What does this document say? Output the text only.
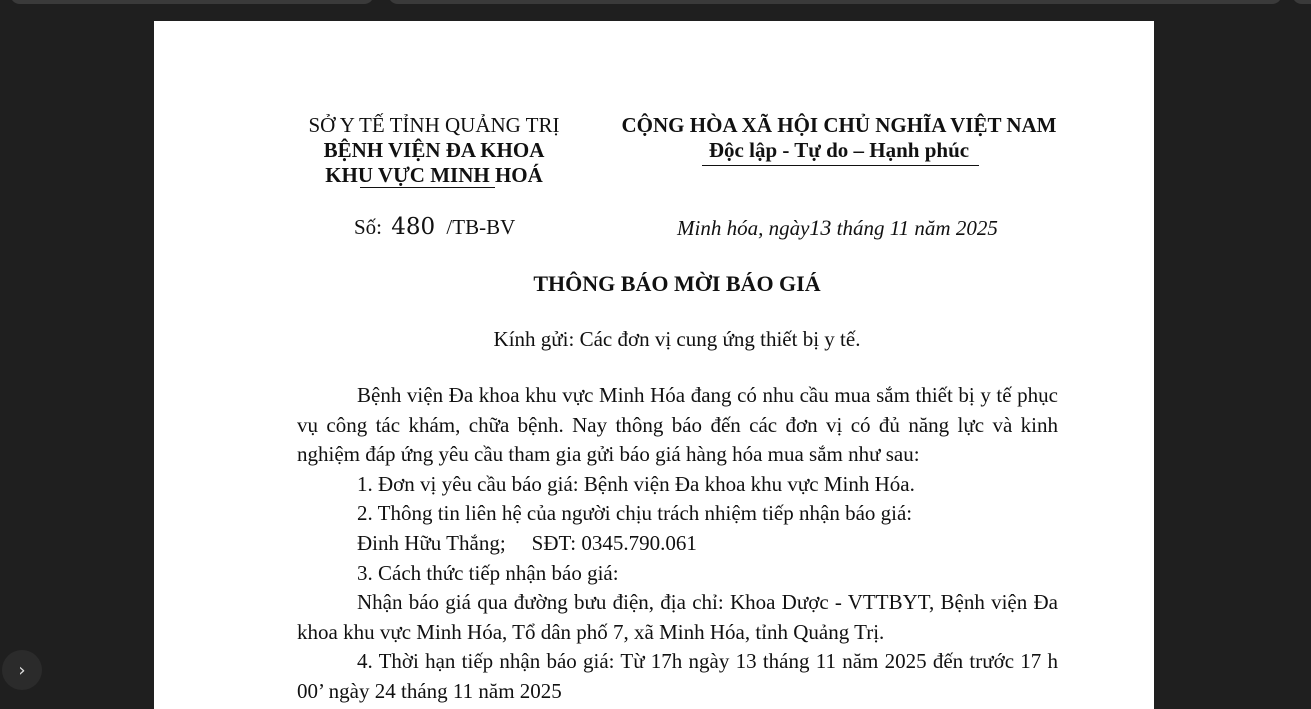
SỞ Y TẾ TỈNH QUẢNG TRỊ
BỆNH VIỆN ĐA KHOA
KHU VỰC MINH HOÁ
CỘNG HÒA XÃ HỘI CHỦ NGHĨA VIỆT NAM
Độc lập - Tự do – Hạnh phúc
Số: 480 /TB-BV	Minh hóa, ngày13 tháng 11 năm 2025
THÔNG BÁO MỜI BÁO GIÁ
Kính gửi: Các đơn vị cung ứng thiết bị y tế.

Bệnh viện Đa khoa khu vực Minh Hóa đang có nhu cầu mua sắm thiết bị y tế phục vụ công tác khám, chữa bệnh. Nay thông báo đến các đơn vị có đủ năng lực và kinh nghiệm đáp ứng yêu cầu tham gia gửi báo giá hàng hóa mua sắm như sau:

1. Đơn vị yêu cầu báo giá: Bệnh viện Đa khoa khu vực Minh Hóa.

2. Thông tin liên hệ của người chịu trách nhiệm tiếp nhận báo giá:

Đinh Hữu Thắng; SĐT: 0345.790.061

3. Cách thức tiếp nhận báo giá:

Nhận báo giá qua đường bưu điện, địa chỉ: Khoa Dược - VTTBYT, Bệnh viện Đa khoa khu vực Minh Hóa, Tổ dân phố 7, xã Minh Hóa, tỉnh Quảng Trị.

4. Thời hạn tiếp nhận báo giá: Từ 17h ngày 13 tháng 11 năm 2025 đến trước 17 h 00’ ngày 24 tháng 11 năm 2025

›
